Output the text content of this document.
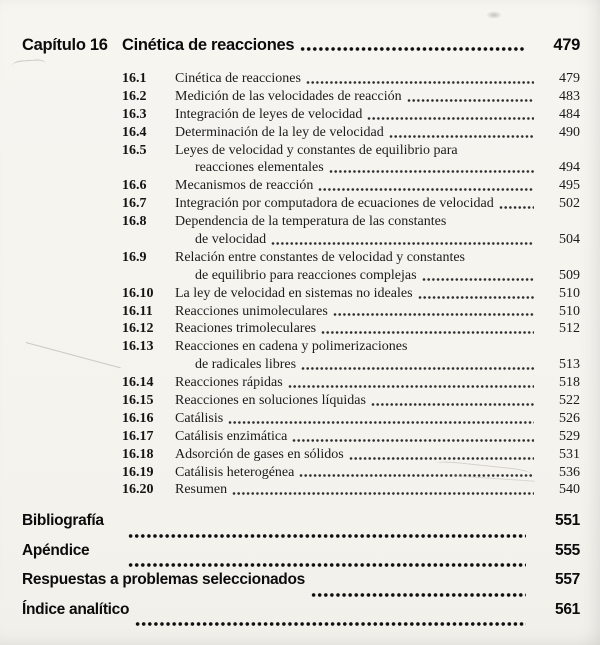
Capítulo 16 Cinética de reacciones	479
16.1	Cinética de reacciones	479
16.2	Medición de las velocidades de reacción	483
16.3	Integración de leyes de velocidad	484
16.4	Determinación de la ley de velocidad	490
16.5	Leyes de velocidad y constantes de equilibrio para
reacciones elementales	494
16.6	Mecanismos de reacción	495
16.7	Integración por computadora de ecuaciones de velocidad	502
16.8	Dependencia de la temperatura de las constantes
de velocidad	504
16.9	Relación entre constantes de velocidad y constantes
de equilibrio para reacciones complejas	509
16.10	La ley de velocidad en sistemas no ideales	510
16.11	Reacciones unimoleculares	510
16.12	Reaciones trimoleculares	512
16.13	Reacciones en cadena y polimerizaciones
de radicales libres	513
16.14	Reacciones rápidas	518
16.15	Reacciones en soluciones líquidas	522
16.16	Catálisis	526
16.17	Catálisis enzimática	529
16.18	Adsorción de gases en sólidos	531
16.19	Catálisis heterogénea	536
16.20	Resumen	540
Bibliografía	551
Apéndice	555
Respuestas a problemas seleccionados	557
Índice analítico	561
